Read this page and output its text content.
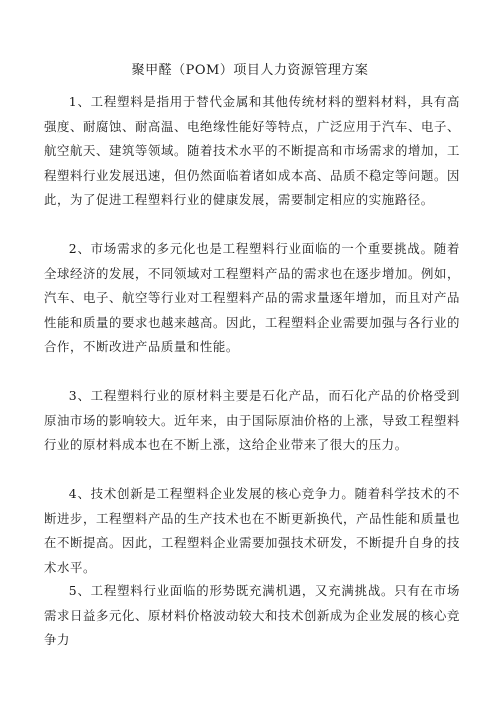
聚甲醛（POM）项目人力资源管理方案

1、工程塑料是指用于替代金属和其他传统材料的塑料材料，具有高强度、耐腐蚀、耐高温、电绝缘性能好等特点，广泛应用于汽车、电子、航空航天、建筑等领域。随着技术水平的不断提高和市场需求的增加，工程塑料行业发展迅速，但仍然面临着诸如成本高、品质不稳定等问题。因此，为了促进工程塑料行业的健康发展，需要制定相应的实施路径。

2、市场需求的多元化也是工程塑料行业面临的一个重要挑战。随着全球经济的发展，不同领域对工程塑料产品的需求也在逐步增加。例如，汽车、电子、航空等行业对工程塑料产品的需求量逐年增加，而且对产品性能和质量的要求也越来越高。因此，工程塑料企业需要加强与各行业的合作，不断改进产品质量和性能。

3、工程塑料行业的原材料主要是石化产品，而石化产品的价格受到原油市场的影响较大。近年来，由于国际原油价格的上涨，导致工程塑料行业的原材料成本也在不断上涨，这给企业带来了很大的压力。

4、技术创新是工程塑料企业发展的核心竞争力。随着科学技术的不断进步，工程塑料产品的生产技术也在不断更新换代，产品性能和质量也在不断提高。因此，工程塑料企业需要加强技术研发，不断提升自身的技术水平。

5、工程塑料行业面临的形势既充满机遇，又充满挑战。只有在市场需求日益多元化、原材料价格波动较大和技术创新成为企业发展的核心竞争力
